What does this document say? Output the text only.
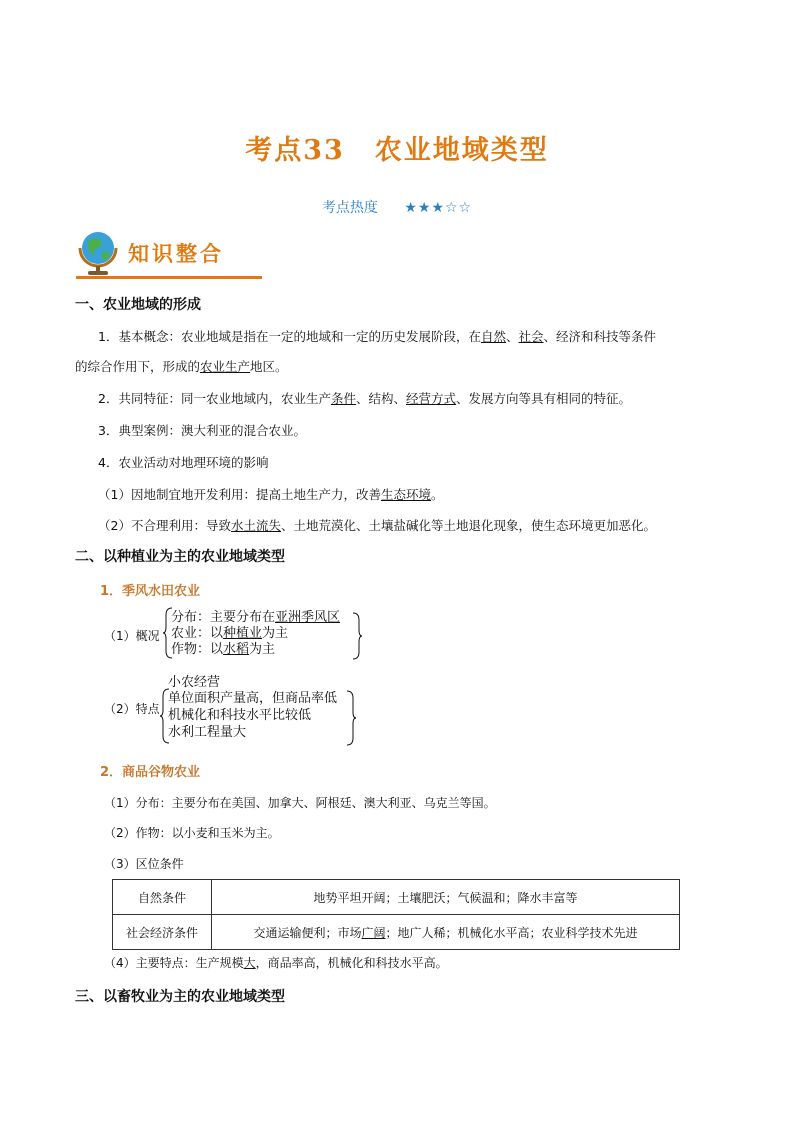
考点33 农业地域类型
考点热度 ★★★☆☆
知识整合
一、农业地域的形成
1．基本概念：农业地域是指在一定的地域和一定的历史发展阶段，在自然、社会、经济和科技等条件
的综合作用下，形成的农业生产地区。
2．共同特征：同一农业地域内，农业生产条件、结构、经营方式、发展方向等具有相同的特征。
3．典型案例：澳大利亚的混合农业。
4．农业活动对地理环境的影响
（1）因地制宜地开发利用：提高土地生产力，改善生态环境。
（2）不合理利用：导致水土流失、土地荒漠化、土壤盐碱化等土地退化现象，使生态环境更加恶化。
二、以种植业为主的农业地域类型
1．季风水田农业
（1）概况
分布：主要分布在亚洲季风区
农业：以种植业为主
作物：以水稻为主
（2）特点
小农经营
单位面积产量高，但商品率低
机械化和科技水平比较低
水利工程量大
2．商品谷物农业
（1）分布：主要分布在美国、加拿大、阿根廷、澳大利亚、乌克兰等国。
（2）作物：以小麦和玉米为主。
（3）区位条件
自然条件	地势平坦开阔；土壤肥沃；气候温和；降水丰富等
社会经济条件	交通运输便利；市场广阔；地广人稀；机械化水平高；农业科学技术先进
（4）主要特点：生产规模大，商品率高，机械化和科技水平高。
三、以畜牧业为主的农业地域类型
